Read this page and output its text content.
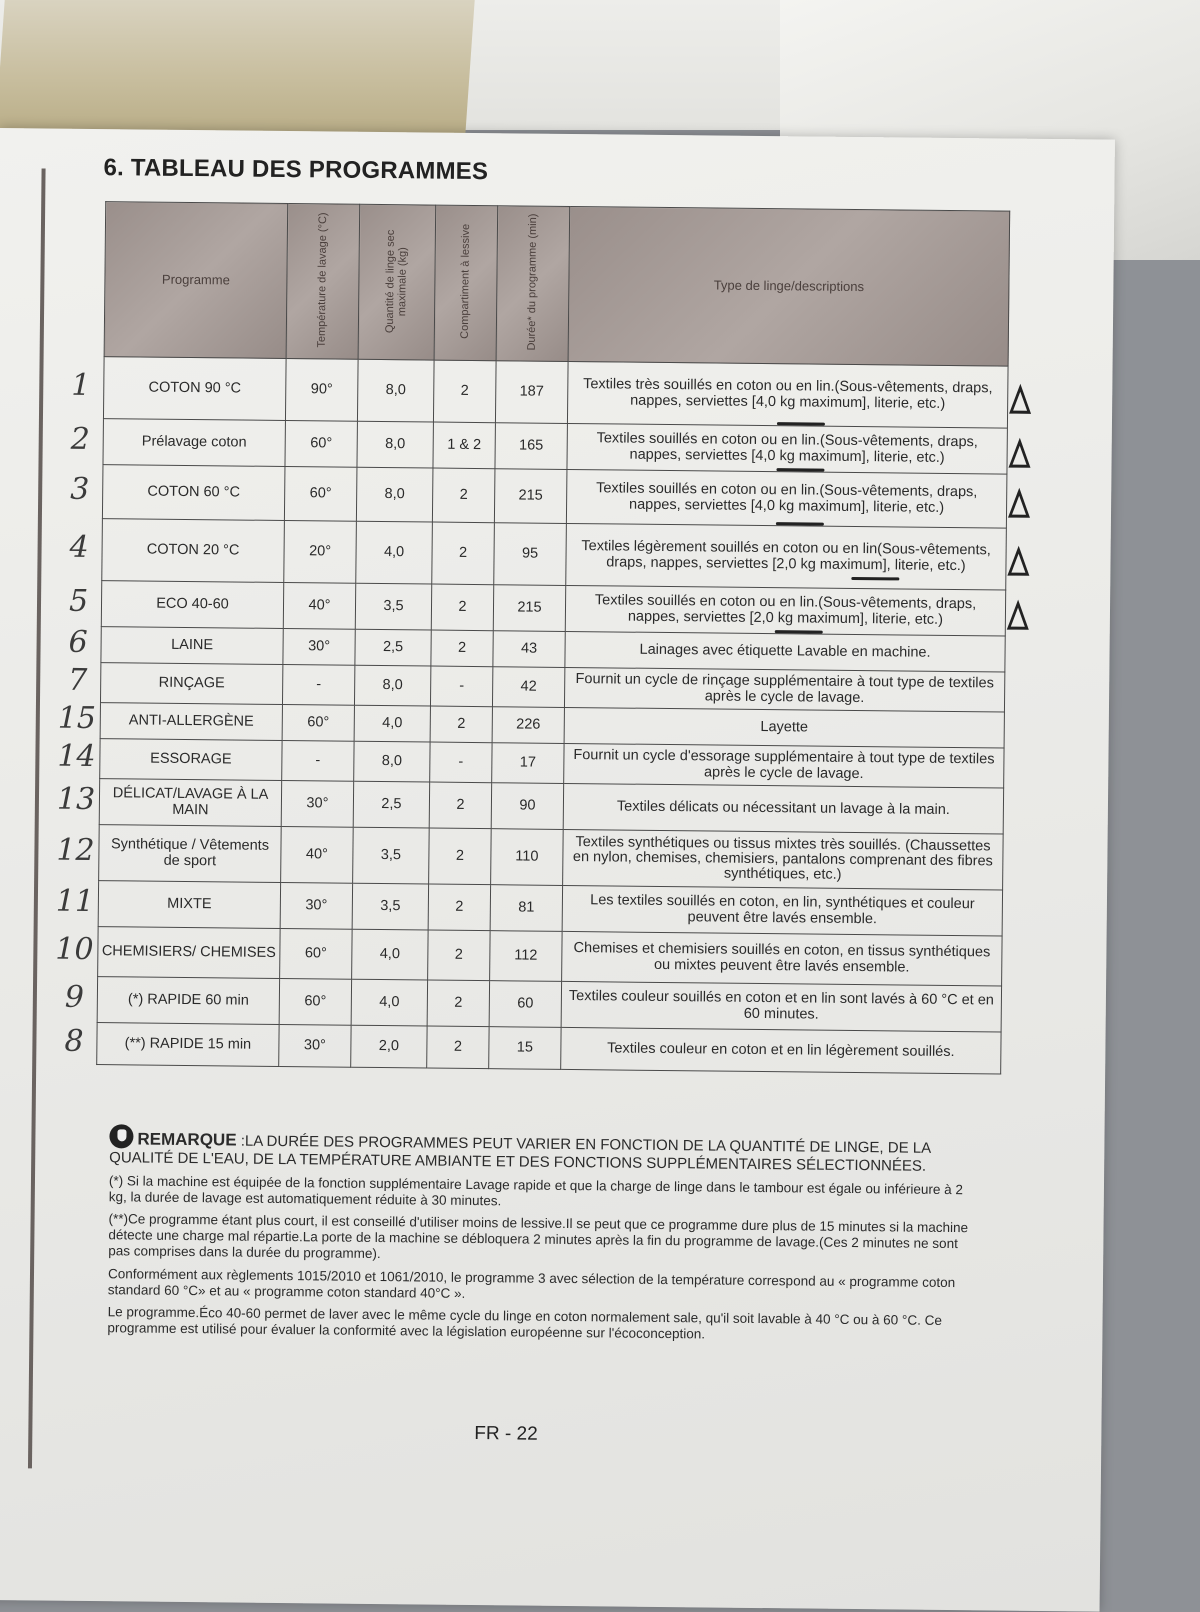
6. TABLEAU DES PROGRAMMES
Programme	Température de lavage (°C)	Quantité de linge sec maximale (kg)	Compartiment à lessive	Durée* du programme (min)	Type de linge/descriptions
COTON 90 °C	90°	8,0	2	187	Textiles très souillés en coton ou en lin.(Sous-vêtements, draps, nappes, serviettes [4,0 kg maximum], literie, etc.)
Prélavage coton	60°	8,0	1 & 2	165	Textiles souillés en coton ou en lin.(Sous-vêtements, draps, nappes, serviettes [4,0 kg maximum], literie, etc.)
COTON 60 °C	60°	8,0	2	215	Textiles souillés en coton ou en lin.(Sous-vêtements, draps, nappes, serviettes [4,0 kg maximum], literie, etc.)
COTON 20 °C	20°	4,0	2	95	Textiles légèrement souillés en coton ou en lin(Sous-vêtements, draps, nappes, serviettes [2,0 kg maximum], literie, etc.)
ECO 40-60	40°	3,5	2	215	Textiles souillés en coton ou en lin.(Sous-vêtements, draps, nappes, serviettes [2,0 kg maximum], literie, etc.)
LAINE	30°	2,5	2	43	Lainages avec étiquette Lavable en machine.
RINÇAGE	-	8,0	-	42	Fournit un cycle de rinçage supplémentaire à tout type de textiles après le cycle de lavage.
ANTI-ALLERGÈNE	60°	4,0	2	226	Layette
ESSORAGE	-	8,0	-	17	Fournit un cycle d'essorage supplémentaire à tout type de textiles après le cycle de lavage.
DÉLICAT/LAVAGE À LA MAIN	30°	2,5	2	90	Textiles délicats ou nécessitant un lavage à la main.
Synthétique / Vêtements de sport	40°	3,5	2	110	Textiles synthétiques ou tissus mixtes très souillés. (Chaussettes en nylon, chemises, chemisiers, pantalons comprenant des fibres synthétiques, etc.)
MIXTE	30°	3,5	2	81	Les textiles souillés en coton, en lin, synthétiques et couleur peuvent être lavés ensemble.
CHEMISIERS/ CHEMISES	60°	4,0	2	112	Chemises et chemisiers souillés en coton, en tissus synthétiques ou mixtes peuvent être lavés ensemble.
(*) RAPIDE 60 min	60°	4,0	2	60	Textiles couleur souillés en coton et en lin sont lavés à 60 °C et en 60 minutes.
(**) RAPIDE 15 min	30°	2,0	2	15	Textiles couleur en coton et en lin légèrement souillés.
REMARQUE :LA DURÉE DES PROGRAMMES PEUT VARIER EN FONCTION DE LA QUANTITÉ DE LINGE, DE LA QUALITÉ DE L'EAU, DE LA TEMPÉRATURE AMBIANTE ET DES FONCTIONS SUPPLÉMENTAIRES SÉLECTIONNÉES.
(*) Si la machine est équipée de la fonction supplémentaire Lavage rapide et que la charge de linge dans le tambour est égale ou inférieure à 2 kg, la durée de lavage est automatiquement réduite à 30 minutes.
(**)Ce programme étant plus court, il est conseillé d'utiliser moins de lessive.Il se peut que ce programme dure plus de 15 minutes si la machine détecte une charge mal répartie.La porte de la machine se débloquera 2 minutes après la fin du programme de lavage.(Ces 2 minutes ne sont pas comprises dans la durée du programme).
Conformément aux règlements 1015/2010 et 1061/2010, le programme 3 avec sélection de la température correspond au « programme coton standard 60 °C» et au « programme coton standard 40°C ».
Le programme.Éco 40-60 permet de laver avec le même cycle du linge en coton normalement sale, qu'il soit lavable à 40 °C ou à 60 °C. Ce programme est utilisé pour évaluer la conformité avec la législation européenne sur l'écoconception.
FR - 22
1
2
3
4
5
6
7
15
14
13
12
11
10
9
8
